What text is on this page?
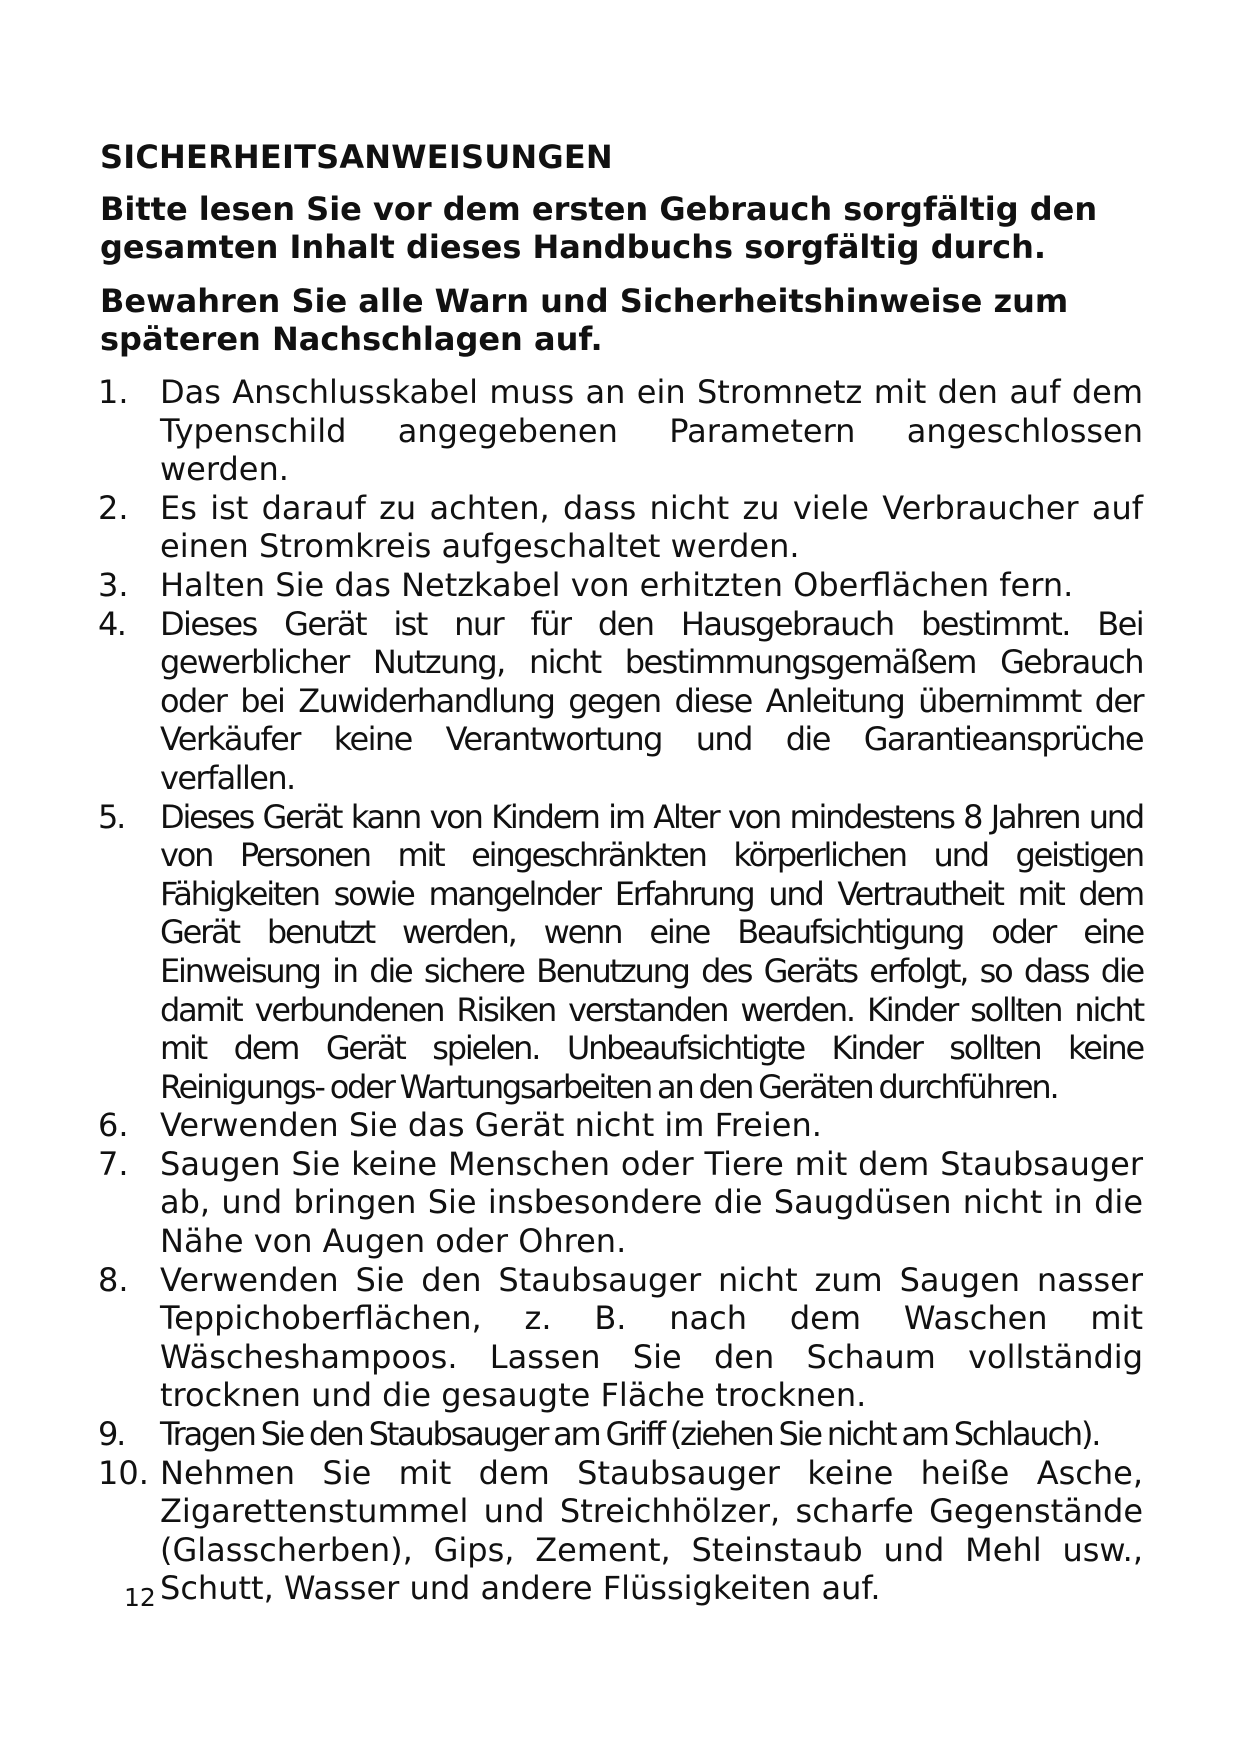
SICHERHEITSANWEISUNGEN
Bitte lesen Sie vor dem ersten Gebrauch sorgfältig den gesamten Inhalt dieses Handbuchs sorgfältig durch.
Bewahren Sie alle Warn und Sicherheitshinweise zum späteren Nachschlagen auf.
1. Das Anschlusskabel muss an ein Stromnetz mit den auf dem Typenschild angegebenen Parametern angeschlossen werden.
2. Es ist darauf zu achten, dass nicht zu viele Verbraucher auf einen Stromkreis aufgeschaltet werden.
3. Halten Sie das Netzkabel von erhitzten Oberflächen fern.
4. Dieses Gerät ist nur für den Hausgebrauch bestimmt. Bei gewerblicher Nutzung, nicht bestimmungsgemäßem Gebrauch oder bei Zuwiderhandlung gegen diese Anleitung übernimmt der Verkäufer keine Verantwortung und die Garantieansprüche verfallen.
5. Dieses Gerät kann von Kindern im Alter von mindestens 8 Jahren und von Personen mit eingeschränkten körperlichen und geistigen Fähigkeiten sowie mangelnder Erfahrung und Vertrautheit mit dem Gerät benutzt werden, wenn eine Beaufsichtigung oder eine Einweisung in die sichere Benutzung des Geräts erfolgt, so dass die damit verbundenen Risiken verstanden werden. Kinder sollten nicht mit dem Gerät spielen. Unbeaufsichtigte Kinder sollten keine Reinigungs- oder Wartungsarbeiten an den Geräten durchführen.
6. Verwenden Sie das Gerät nicht im Freien.
7. Saugen Sie keine Menschen oder Tiere mit dem Staubsauger ab, und bringen Sie insbesondere die Saugdüsen nicht in die Nähe von Augen oder Ohren.
8. Verwenden Sie den Staubsauger nicht zum Saugen nasser Teppichoberflächen, z. B. nach dem Waschen mit Wäscheshampoos. Lassen Sie den Schaum vollständig trocknen und die gesaugte Fläche trocknen.
9. Tragen Sie den Staubsauger am Griff (ziehen Sie nicht am Schlauch).
10. Nehmen Sie mit dem Staubsauger keine heiße Asche, Zigarettenstummel und Streichhölzer, scharfe Gegenstände (Glasscherben), Gips, Zement, Steinstaub und Mehl usw., Schutt, Wasser und andere Flüssigkeiten auf.
12
